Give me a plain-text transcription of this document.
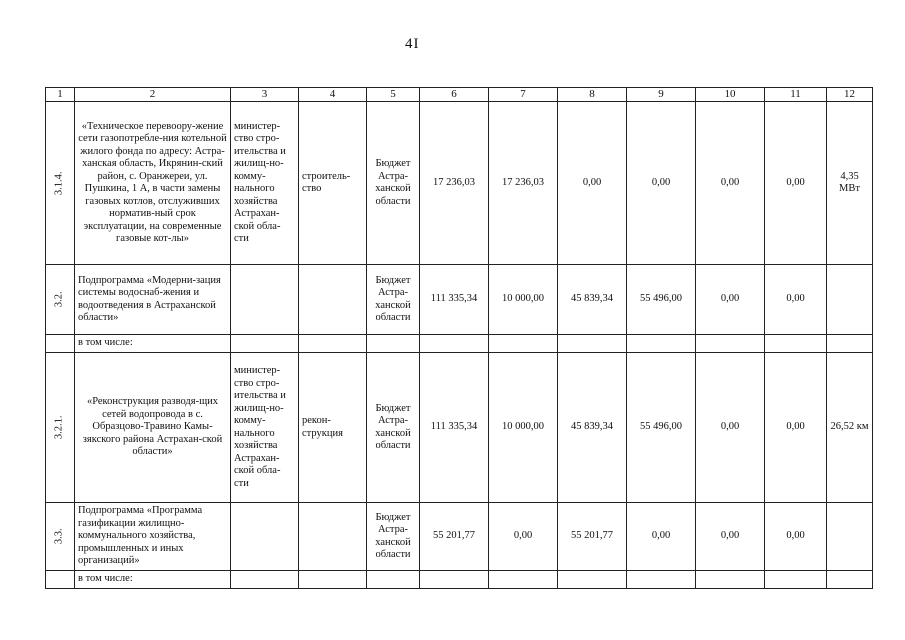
4I
1	2	3	4	5	6	7	8	9	10	11	12
3.1.4.	«Техническое перевоору-жение сети газопотребле-ния котельной жилого фонда по адресу: Астра-ханская область, Икрянин-ский район, с. Оранжереи, ул. Пушкина, 1 А, в части замены газовых котлов, отслуживших норматив-ный срок эксплуатации, на современные газовые кот-лы»	министер-ство стро-ительства и жилищ-но-комму-нального хозяйства Астрахан-ской обла-сти	строитель-ство	Бюджет Астра-ханской области	17 236,03	17 236,03	0,00	0,00	0,00	0,00	4,35 МВт
3.2.	Подпрограмма «Модерни-зация системы водоснаб-жения и водоотведения в Астраханской области»			Бюджет Астра-ханской области	111 335,34	10 000,00	45 839,34	55 496,00	0,00	0,00	
	в том числе:										
3.2.1.	«Реконструкция разводя-щих сетей водопровода в с. Образцово-Травино Камы-зякского района Астрахан-ской области»	министер-ство стро-ительства и жилищ-но-комму-нального хозяйства Астрахан-ской обла-сти	рекон-струкция	Бюджет Астра-ханской области	111 335,34	10 000,00	45 839,34	55 496,00	0,00	0,00	26,52 км
3.3.	Подпрограмма «Программа газификации жилищно-коммунального хозяйства, промышленных и иных организаций»			Бюджет Астра-ханской области	55 201,77	0,00	55 201,77	0,00	0,00	0,00	
	в том числе:										
